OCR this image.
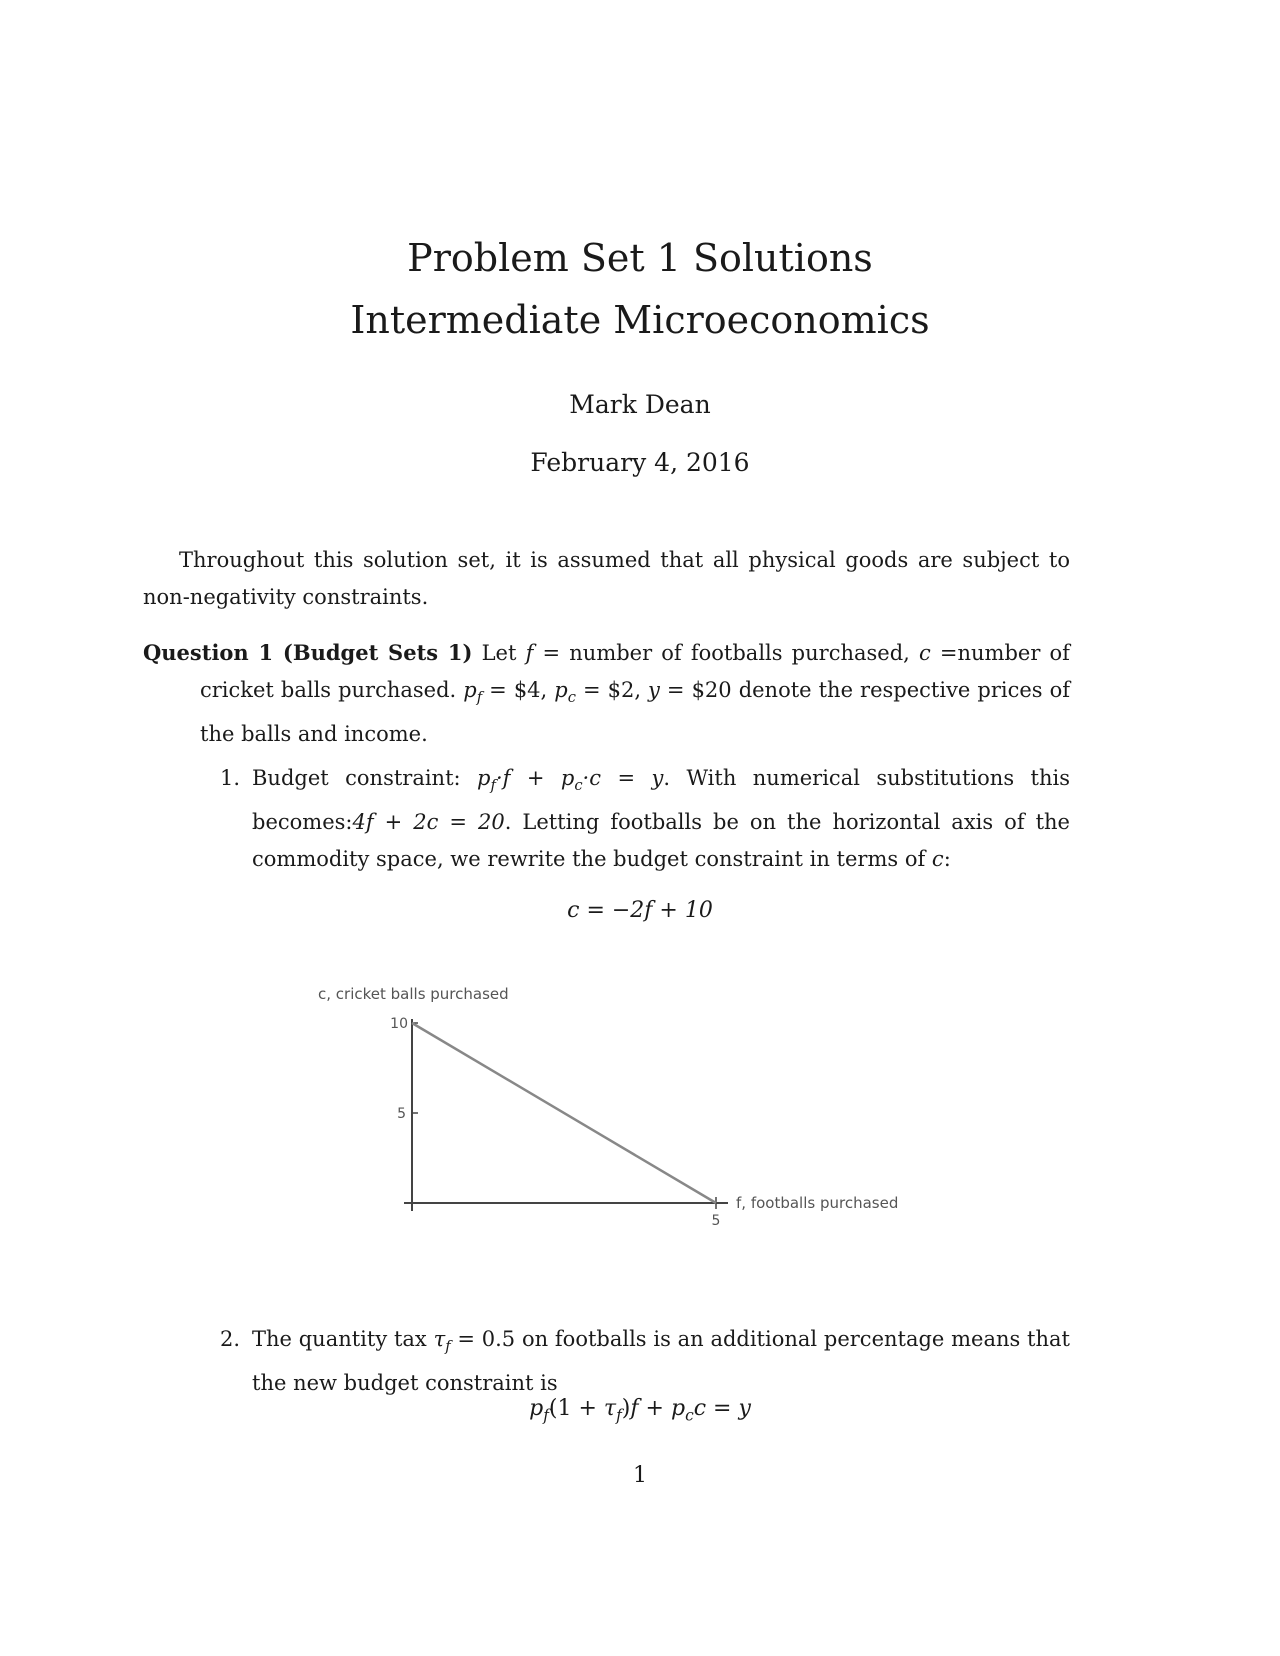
Problem Set 1 Solutions
Intermediate Microeconomics
Mark Dean
February 4, 2016
Throughout this solution set, it is assumed that all physical goods are subject to non-negativity constraints.
Question 1 (Budget Sets 1) Let f = number of footballs purchased, c =number of cricket balls purchased. $p_f$ = $4, $p_c$ = $2, y = $20 denote the respective prices of the balls and income.
1. Budget constraint: $p_f\cdot f + p_c\cdot c = y$. With numerical substitutions this becomes:4f + 2c = 20. Letting footballs be on the horizontal axis of the commodity space, we rewrite the budget constraint in terms of c:
c = −2f + 10
c, cricket balls purchased
f, footballs purchased
10
5
5
2. The quantity tax $\tau_f = 0.5$ on footballs is an additional percentage means that the new budget constraint is
$p_f(1 + \tau_f)f + p_cc = y$
1
